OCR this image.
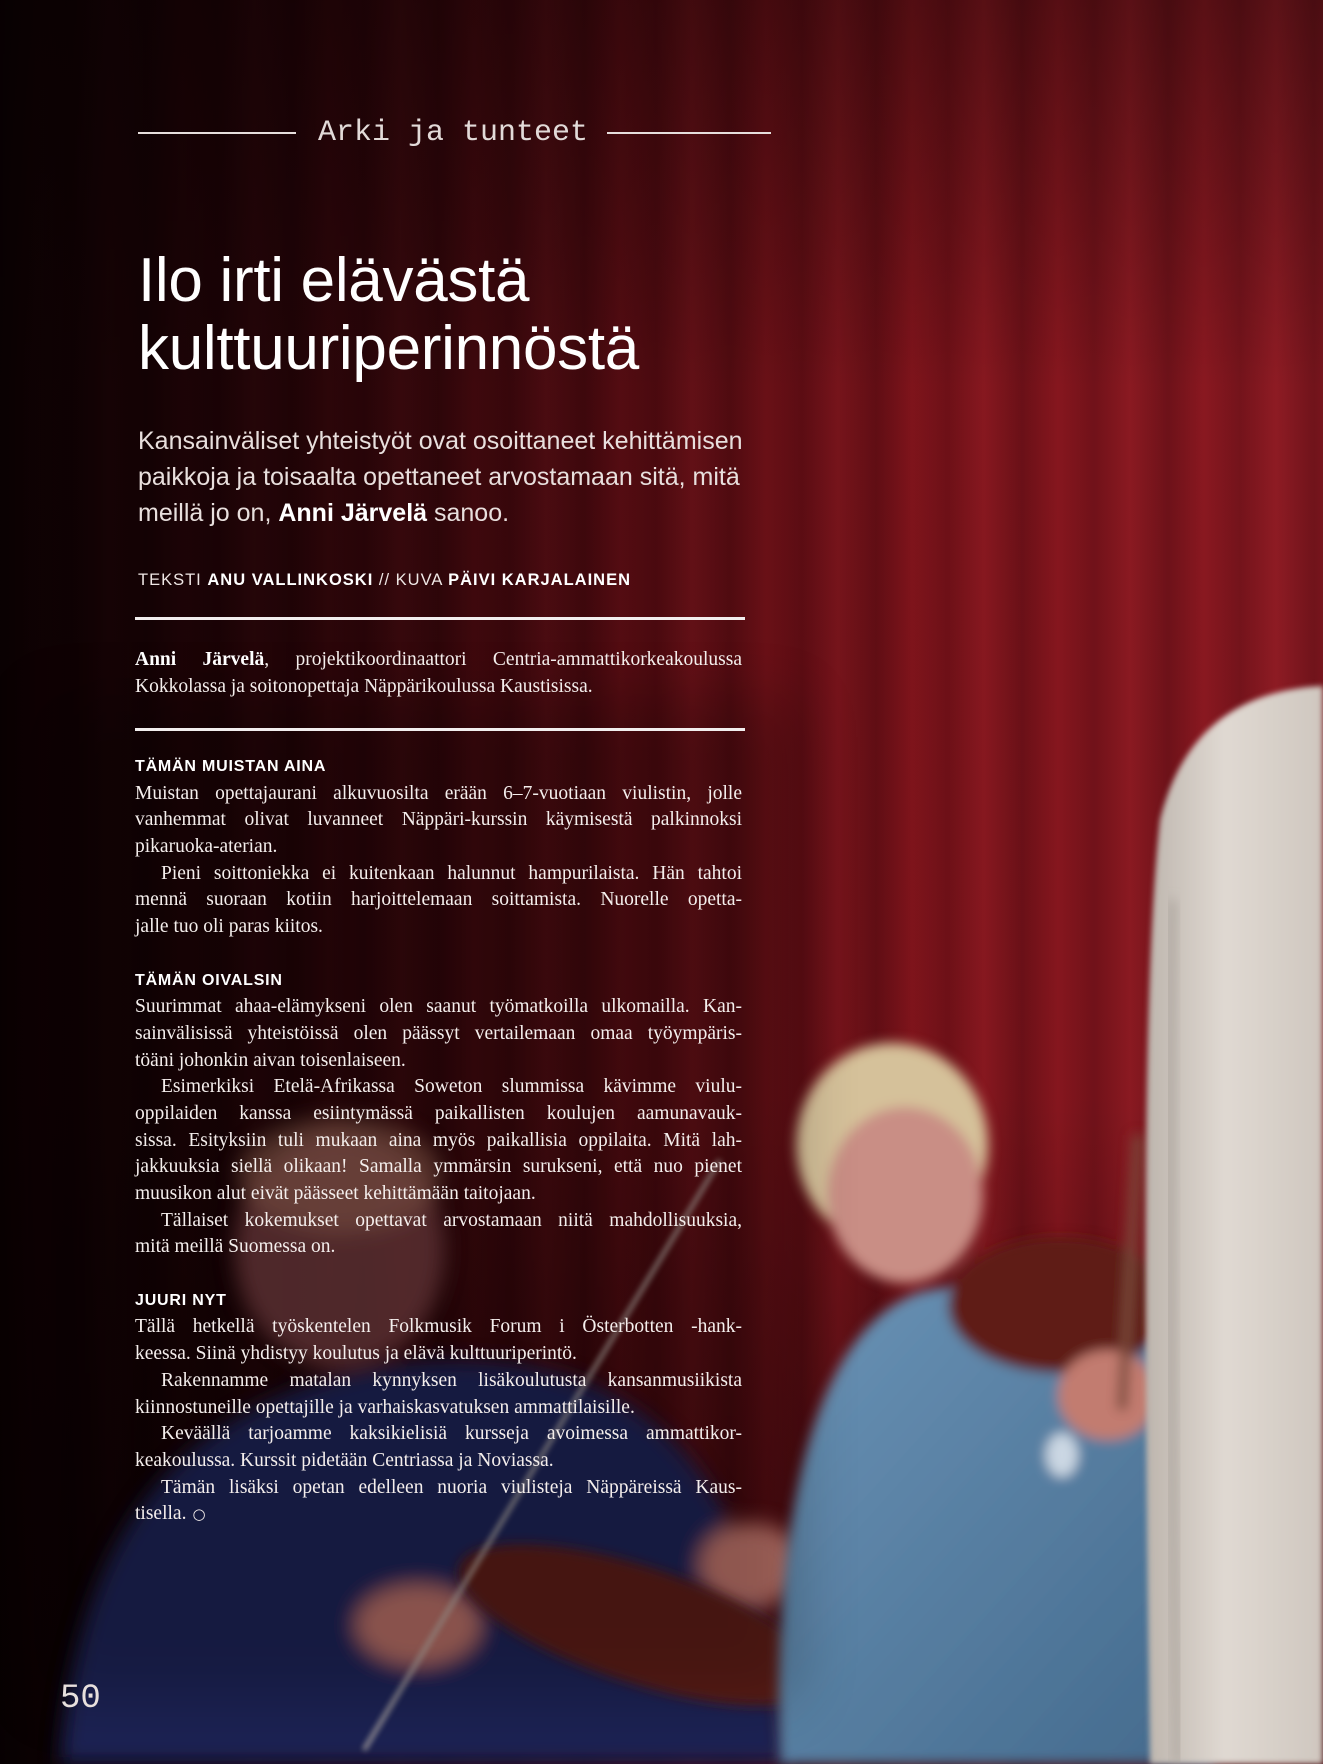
Arki ja tunteet
Ilo irti elävästä kulttuuriperinnöstä

Kansainväliset yhteistyöt ovat osoittaneet kehittämisen paikkoja ja toisaalta opettaneet arvostamaan sitä, mitä meillä jo on, Anni Järvelä sanoo.

TEKSTI ANU VALLINKOSKI // KUVA PÄIVI KARJALAINEN
Anni Järvelä, projektikoordinaattori Centria-ammattikorkeakoulussa
Kokkolassa ja soitonopettaja Näppärikoulussa Kaustisissa.
TÄMÄN MUISTAN AINA
Muistan opettajaurani alkuvuosilta erään 6–7-vuotiaan viulistin, jolle
vanhemmat olivat luvanneet Näppäri-kurssin käymisestä palkinnoksi
pikaruoka-aterian.
Pieni soittoniekka ei kuitenkaan halunnut hampurilaista. Hän tahtoi
mennä suoraan kotiin harjoittelemaan soittamista. Nuorelle opetta-
jalle tuo oli paras kiitos.
TÄMÄN OIVALSIN
Suurimmat ahaa-elämykseni olen saanut työmatkoilla ulkomailla. Kan-
sainvälisissä yhteistöissä olen päässyt vertailemaan omaa työympäris-
töäni johonkin aivan toisenlaiseen.
Esimerkiksi Etelä-Afrikassa Soweton slummissa kävimme viulu-
oppilaiden kanssa esiintymässä paikallisten koulujen aamunavauk-
sissa. Esityksiin tuli mukaan aina myös paikallisia oppilaita. Mitä lah-
jakkuuksia siellä olikaan! Samalla ymmärsin surukseni, että nuo pienet
muusikon alut eivät päässeet kehittämään taitojaan.
Tällaiset kokemukset opettavat arvostamaan niitä mahdollisuuksia,
mitä meillä Suomessa on.
JUURI NYT
Tällä hetkellä työskentelen Folkmusik Forum i Österbotten -hank-
keessa. Siinä yhdistyy koulutus ja elävä kulttuuriperintö.
Rakennamme matalan kynnyksen lisäkoulutusta kansanmusiikista
kiinnostuneille opettajille ja varhaiskasvatuksen ammattilaisille.
Keväällä tarjoamme kaksikielisiä kursseja avoimessa ammattikor-
keakoulussa. Kurssit pidetään Centriassa ja Noviassa.
Tämän lisäksi opetan edelleen nuoria viulisteja Näppäreissä Kaus-
tisella. ○
50
